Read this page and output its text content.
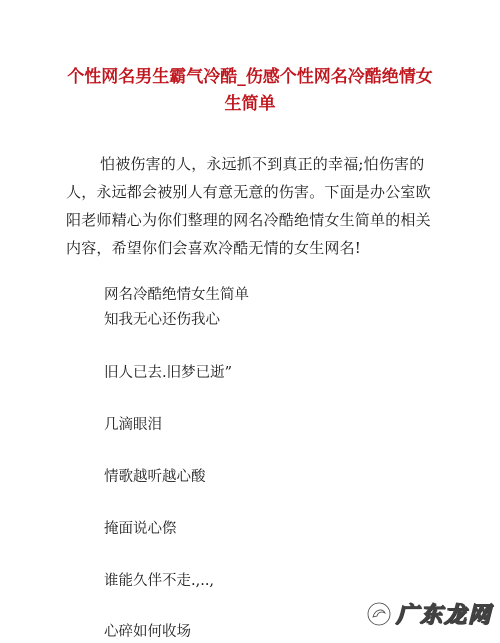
个性网名男生霸气冷酷_伤感个性网名冷酷绝情女生简单
怕被伤害的人，永远抓不到真正的幸福;怕伤害的人，永远都会被别人有意无意的伤害。下面是办公室欧阳老师精心为你们整理的网名冷酷绝情女生简单的相关内容，希望你们会喜欢冷酷无情的女生网名!
网名冷酷绝情女生简单
知我无心还伤我心
旧人已去.旧梦已逝”
几滴眼泪
情歌越听越心酸
掩面说心傺
谁能久伴不走.,..,
心碎如何收场
广东龙网
